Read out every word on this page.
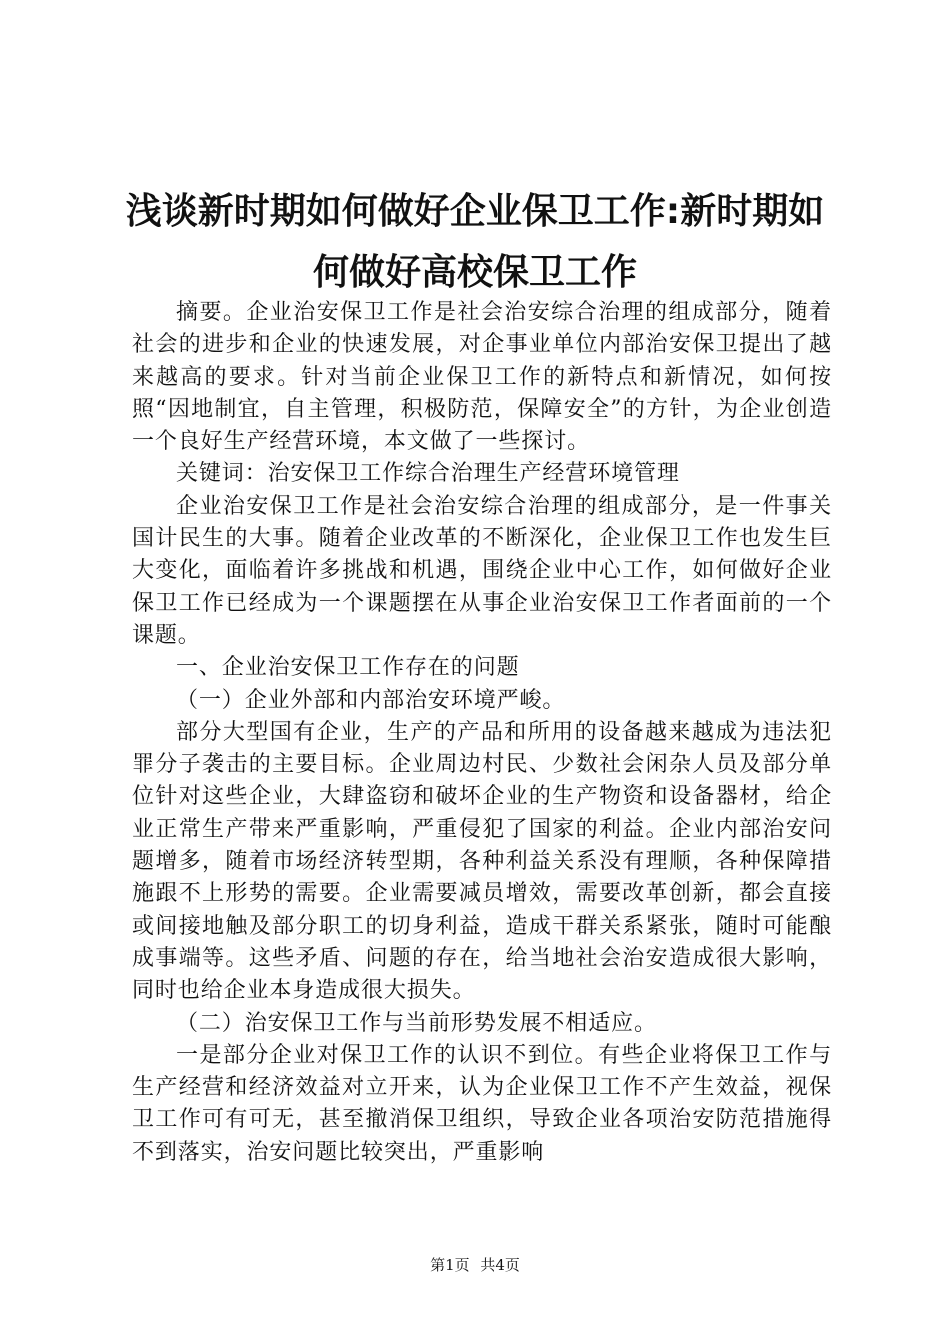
浅谈新时期如何做好企业保卫工作:新时期如何做好高校保卫工作

摘要。企业治安保卫工作是社会治安综合治理的组成部分，随着社会的进步和企业的快速发展，对企事业单位内部治安保卫提出了越来越高的要求。针对当前企业保卫工作的新特点和新情况，如何按照“因地制宜，自主管理，积极防范，保障安全”的方针，为企业创造一个良好生产经营环境，本文做了一些探讨。

关键词：治安保卫工作综合治理生产经营环境管理

企业治安保卫工作是社会治安综合治理的组成部分，是一件事关国计民生的大事。随着企业改革的不断深化，企业保卫工作也发生巨大变化，面临着许多挑战和机遇，围绕企业中心工作，如何做好企业保卫工作已经成为一个课题摆在从事企业治安保卫工作者面前的一个课题。

一、企业治安保卫工作存在的问题

（一）企业外部和内部治安环境严峻。

部分大型国有企业，生产的产品和所用的设备越来越成为违法犯罪分子袭击的主要目标。企业周边村民、少数社会闲杂人员及部分单位针对这些企业，大肆盗窃和破坏企业的生产物资和设备器材，给企业正常生产带来严重影响，严重侵犯了国家的利益。企业内部治安问题增多，随着市场经济转型期，各种利益关系没有理顺，各种保障措施跟不上形势的需要。企业需要减员增效，需要改革创新，都会直接或间接地触及部分职工的切身利益，造成干群关系紧张，随时可能酿成事端等。这些矛盾、问题的存在，给当地社会治安造成很大影响，同时也给企业本身造成很大损失。

（二）治安保卫工作与当前形势发展不相适应。

一是部分企业对保卫工作的认识不到位。有些企业将保卫工作与生产经营和经济效益对立开来，认为企业保卫工作不产生效益，视保卫工作可有可无，甚至撤消保卫组织，导致企业各项治安防范措施得不到落实，治安问题比较突出，严重影响

第1页 共4页
